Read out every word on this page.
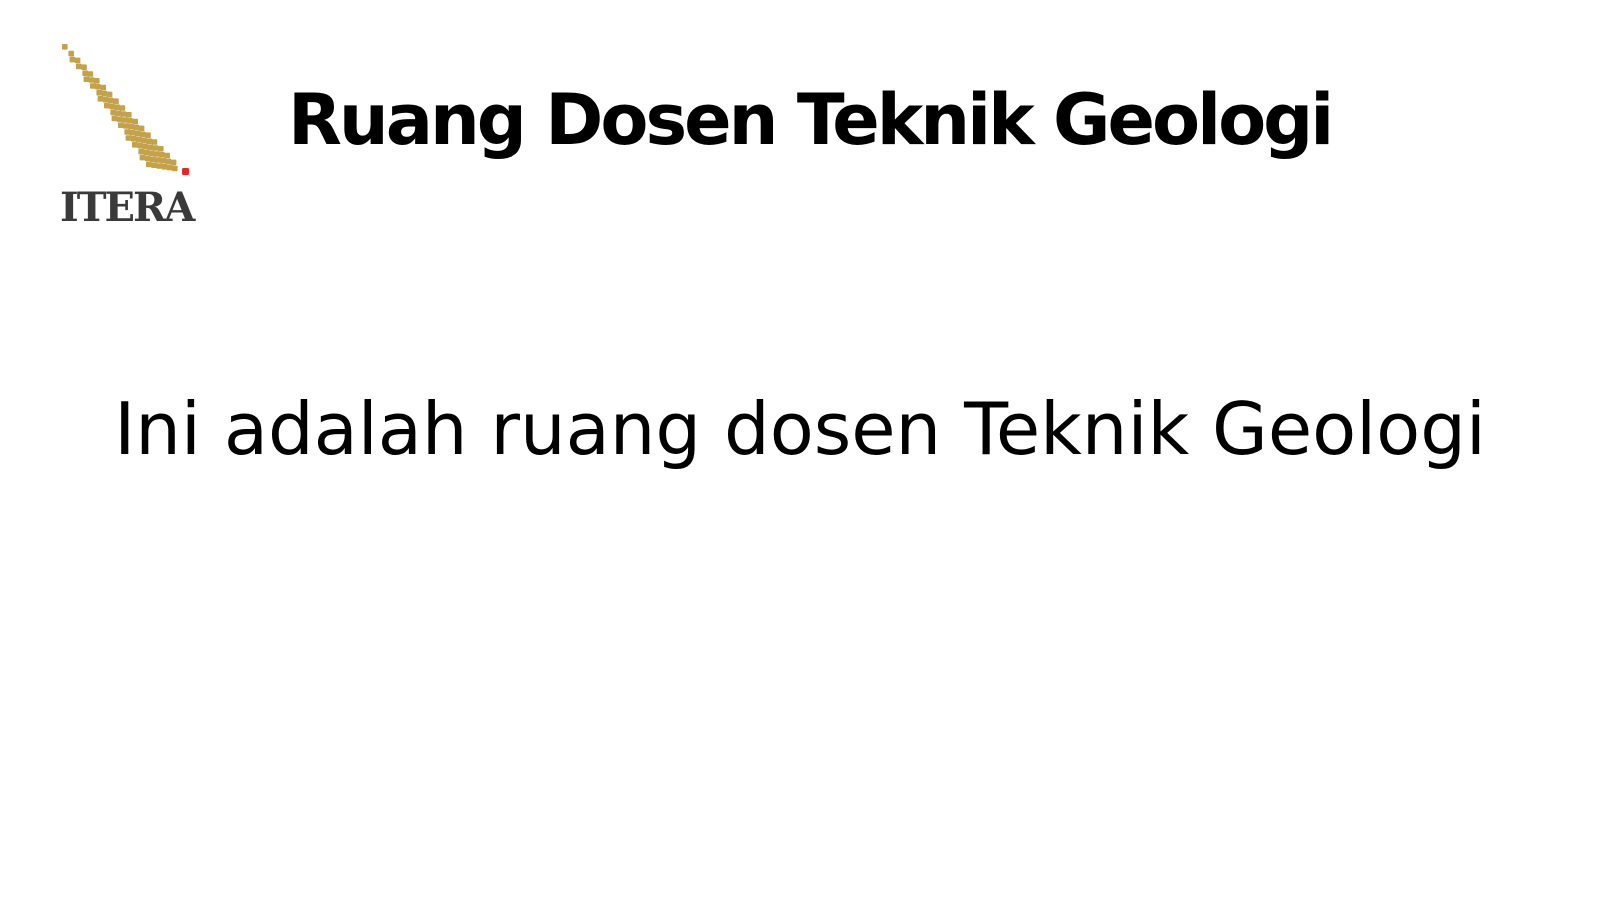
ITERA
Ruang Dosen Teknik Geologi
Ini adalah ruang dosen Teknik Geologi
